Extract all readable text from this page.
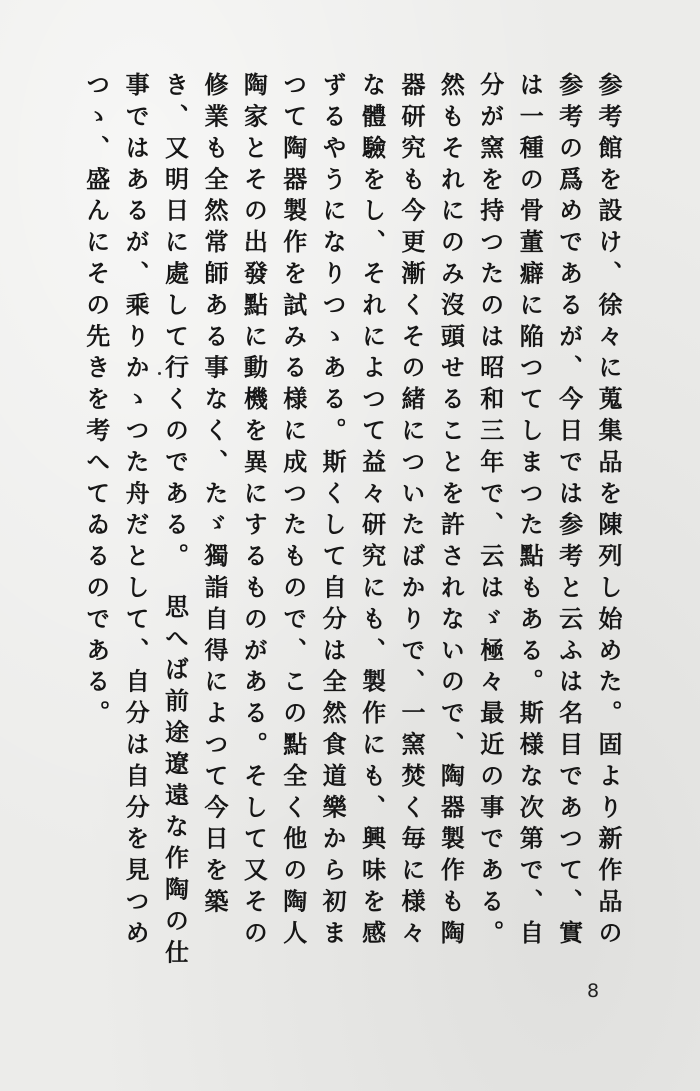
参考館を設け、徐々に蒐集品を陳列し始めた。固より新作品の参考の爲めであるが、今日では参考と云ふは名目であつて、實は一種の骨董癖に陥つてしまつた點もある。斯様な次第で、自分が窯を持つたのは昭和三年で、云はゞ極々最近の事である。然もそれにのみ沒頭せることを許されないので、陶器製作も陶器研究も今更漸くその緒についたばかりで、一窯焚く毎に様々な體驗をし、それによつて益々研究にも、製作にも、興味を感ずるやうになりつゝある。斯くして自分は全然食道樂から初まつて陶器製作を試みる様に成つたもので、この點全く他の陶人陶家とその出發點に動機を異にするものがある。そして又その修業も全然常師ある事なく、たゞ獨詣自得によつて今日を築き、又明日に處して行くのである。　思へば前途遼遠な作陶の仕事ではあるが、乘りかゝつた舟だとして、自分は自分を見つめつゝ、盛んにその先きを考へてゐるのである。
8
